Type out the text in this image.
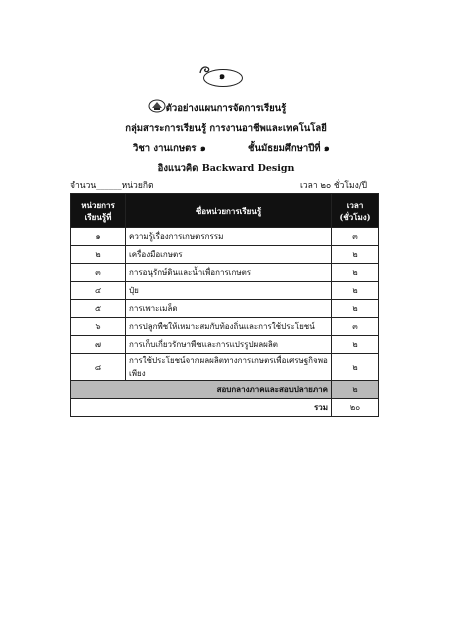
๑
ตัวอย่างแผนการจัดการเรียนรู้
กลุ่มสาระการเรียนรู้ การงานอาชีพและเทคโนโลยี
วิชา งานเกษตร ๑	ชั้นมัธยมศึกษาปีที่ ๑
อิงแนวคิด Backward Design
จำนวน______หน่วยกิต	เวลา ๒๐ ชั่วโมง/ปี
หน่วยการเรียนรู้ที่	ชื่อหน่วยการเรียนรู้	เวลา (ชั่วโมง)
๑	ความรู้เรื่องการเกษตรกรรม	๓
๒	เครื่องมือเกษตร	๒
๓	การอนุรักษ์ดินและน้ำเพื่อการเกษตร	๒
๔	ปุ๋ย	๒
๕	การเพาะเมล็ด	๒
๖	การปลูกพืชให้เหมาะสมกับท้องถิ่นและการใช้ประโยชน์	๓
๗	การเก็บเกี่ยวรักษาพืชและการแปรรูปผลผลิต	๒
๘	การใช้ประโยชน์จากผลผลิตทางการเกษตรเพื่อเศรษฐกิจพอเพียง	๒
สอบกลางภาคและสอบปลายภาค		๒
รวม		๒๐
